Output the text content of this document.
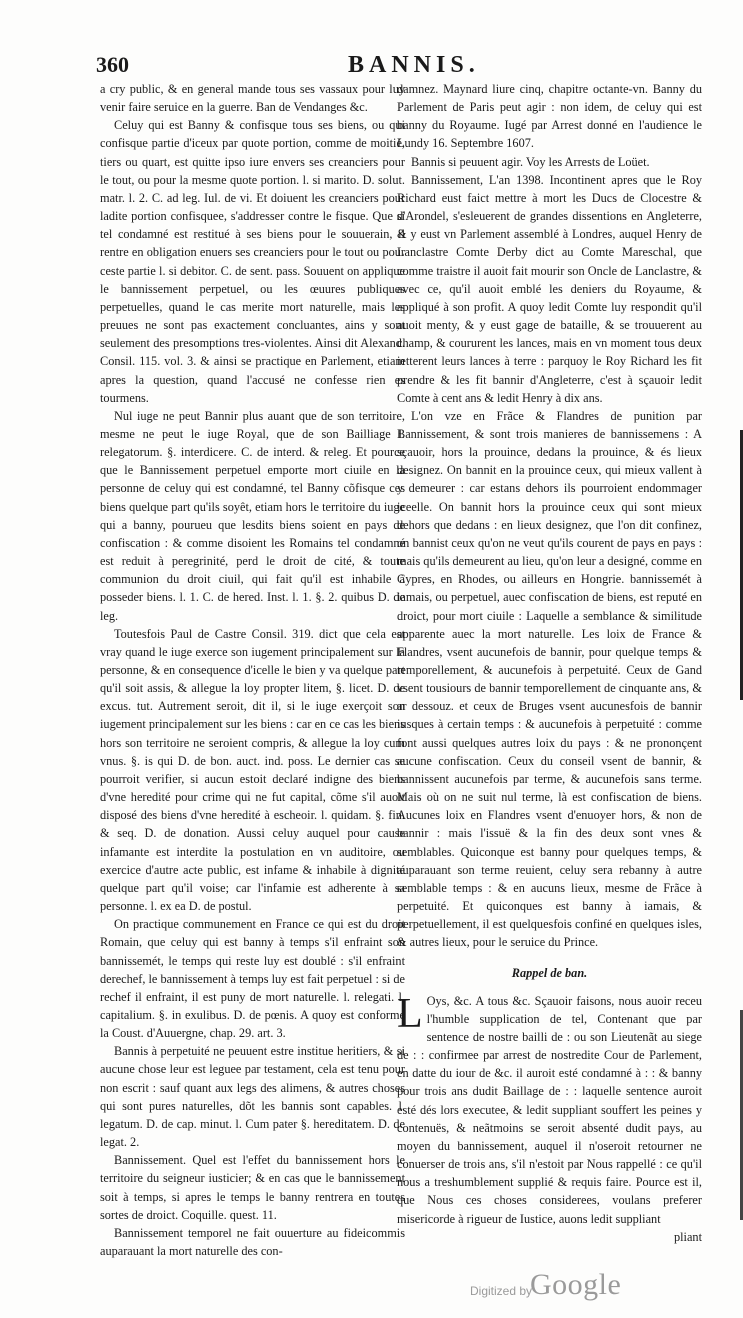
360	BANNIS.

a cry public, & en general mande tous ses vassaux pour luy venir faire seruice en la guerre. Ban de Vendanges &c.

Celuy qui est Banny & confisque tous ses biens, ou qui confisque partie d'iceux par quote portion, comme de moitié, tiers ou quart, est quitte ipso iure envers ses creanciers pour le tout, ou pour la mesme quote portion. l. si marito. D. solut. matr. l. 2. C. ad leg. Iul. de vi. Et doiuent les creanciers pour ladite portion confisquee, s'addresser contre le fisque. Que si tel condamné est restitué à ses biens pour le souuerain, il rentre en obligation enuers ses creanciers pour le tout ou pour ceste partie l. si debitor. C. de sent. pass. Souuent on applique le bannissement perpetuel, ou les œuures publiques perpetuelles, quand le cas merite mort naturelle, mais les preuues ne sont pas exactement concluantes, ains y sont seulement des presomptions tres-violentes. Ainsi dit Alexand. Consil. 115. vol. 3. & ainsi se practique en Parlement, etiam apres la question, quand l'accusé ne confesse rien es tourmens.

Nul iuge ne peut Bannir plus auant que de son territoire, mesme ne peut le iuge Royal, que de son Bailliage l. relegatorum. §. interdicere. C. de interd. & releg. Et pource que le Bannissement perpetuel emporte mort ciuile en la personne de celuy qui est condamné, tel Banny cõfisque ces biens quelque part qu'ils soyêt, etiam hors le territoire du iuge qui a banny, pourueu que lesdits biens soient en pays de confiscation : & comme disoient les Romains tel condamné est reduit à peregrinité, perd le droit de cité, & toute communion du droit ciuil, qui fait qu'il est inhabile à posseder biens. l. 1. C. de hered. Inst. l. 1. §. 2. quibus D. de leg.

Toutesfois Paul de Castre Consil. 319. dict que cela est vray quand le iuge exerce son iugement principalement sur la personne, & en consequence d'icelle le bien y va quelque part qu'il soit assis, & allegue la loy propter litem, §. licet. D. de excus. tut. Autrement seroit, dit il, si le iuge exerçoit son iugement principalement sur les biens : car en ce cas les biens hors son territoire ne seroient compris, & allegue la loy cum vnus. §. is qui D. de bon. auct. ind. poss. Le dernier cas se pourroit verifier, si aucun estoit declaré indigne des biens d'vne heredité pour crime qui ne fut capital, cõme s'il auoit disposé des biens d'vne heredité à escheoir. l. quidam. §. fin. & seq. D. de donation. Aussi celuy auquel pour cause infamante est interdite la postulation en vn auditoire, ou exercice d'autre acte public, est infame & inhabile à dignité quelque part qu'il voise; car l'infamie est adherente à sa personne. l. ex ea D. de postul.

On practique communement en France ce qui est du droit Romain, que celuy qui est banny à temps s'il enfraint son bannissemét, le temps qui reste luy est doublé : s'il enfraint derechef, le bannissement à temps luy est fait perpetuel : si de rechef il enfraint, il est puny de mort naturelle. l. relegati. l. capitalium. §. in exulibus. D. de pœnis. A quoy est conforme la Coust. d'Auuergne, chap. 29. art. 3.

Bannis à perpetuité ne peuuent estre institue heritiers, & si aucune chose leur est leguee par testament, cela est tenu pour non escrit : sauf quant aux legs des alimens, & autres choses qui sont pures naturelles, dõt les bannis sont capables. l. legatum. D. de cap. minut. l. Cum pater §. hereditatem. D. de legat. 2.

Bannissement. Quel est l'effet du bannissement hors le territoire du seigneur iusticier; & en cas que le bannissement soit à temps, si apres le temps le banny rentrera en toutes sortes de droict. Coquille. quest. 11.

Bannissement temporel ne fait ouuerture au fideicommis auparauant la mort naturelle des con-

damnez. Maynard liure cinq, chapitre octante-vn. Banny du Parlement de Paris peut agir : non idem, de celuy qui est banny du Royaume. Iugé par Arrest donné en l'audience le Lundy 16. Septembre 1607.

Bannis si peuuent agir. Voy les Arrests de Loüet.

Bannissement, L'an 1398. Incontinent apres que le Roy Richard eust faict mettre à mort les Ducs de Clocestre & d'Arondel, s'esleuerent de grandes dissentions en Angleterre, & y eust vn Parlement assemblé à Londres, auquel Henry de Lanclastre Comte Derby dict au Comte Mareschal, que comme traistre il auoit fait mourir son Oncle de Lanclastre, & avec ce, qu'il auoit emblé les deniers du Royaume, & appliqué à son profit. A quoy ledit Comte luy respondit qu'il auoit menty, & y eust gage de bataille, & se trouuerent au champ, & coururent les lances, mais en vn moment tous deux ietterent leurs lances à terre : parquoy le Roy Richard les fit prendre & les fit bannir d'Angleterre, c'est à sçauoir ledit Comte à cent ans & ledit Henry à dix ans.

L'on vze en Frãce & Flandres de punition par Bannissement, & sont trois manieres de bannissemens : A sçauoir, hors la prouince, dedans la prouince, & és lieux designez. On bannit en la prouince ceux, qui mieux vallent à y demeurer : car estans dehors ils pourroient endommager iceelle. On bannit hors la prouince ceux qui sont mieux dehors que dedans : en lieux designez, que l'on dit confinez, on bannist ceux qu'on ne veut qu'ils courent de pays en pays : mais qu'ils demeurent au lieu, qu'on leur a designé, comme en Cypres, en Rhodes, ou ailleurs en Hongrie. bannissemét à iamais, ou perpetuel, auec confiscation de biens, est reputé en droict, pour mort ciuile : Laquelle a semblance & similitude apparente auec la mort naturelle. Les loix de France & Flandres, vsent aucunefois de bannir, pour quelque temps & temporellement, & aucunefois à perpetuité. Ceux de Gand vsent tousiours de bannir temporellement de cinquante ans, & ar dessouz. et ceux de Bruges vsent aucunesfois de bannir iusques à certain temps : & aucunefois à perpetuité : comme font aussi quelques autres loix du pays : & ne prononçent aucune confiscation. Ceux du conseil vsent de bannir, & bannissent aucunefois par terme, & aucunefois sans terme. Mais où on ne suit nul terme, là est confiscation de biens. Aucunes loix en Flandres vsent d'enuoyer hors, & non de bannir : mais l'issuë & la fin des deux sont vnes & semblables. Quiconque est banny pour quelques temps, & auparauant son terme reuient, celuy sera rebanny à autre semblable temps : & en aucuns lieux, mesme de Frãce à perpetuité. Et quiconques est banny à iamais, & perpetuellement, il est quelquesfois confiné en quelques isles, & autres lieux, pour le seruice du Prince.

Rappel de ban.

L Oys, &c. A tous &c. Sçauoir faisons, nous auoir receu l'humble supplication de tel, Contenant que par sentence de nostre bailli de : ou son Lieutenãt au siege de : : confirmee par arrest de nostredite Cour de Parlement, en datte du iour de &c. il auroit esté condamné à : : & banny pour trois ans dudit Baillage de : : laquelle sentence auroit esté dés lors executee, & ledit suppliant souffert les peines y contenuës, & neãtmoins se seroit absenté dudit pays, au moyen du bannissement, auquel il n'oseroit retourner ne conuerser de trois ans, s'il n'estoit par Nous rappellé : ce qu'il nous a treshumblement supplié & requis faire. Pource est il, que Nous ces choses considerees, voulans preferer misericorde à rigueur de Iustice, auons ledit suppliant

pliant

Digitized by
Google
